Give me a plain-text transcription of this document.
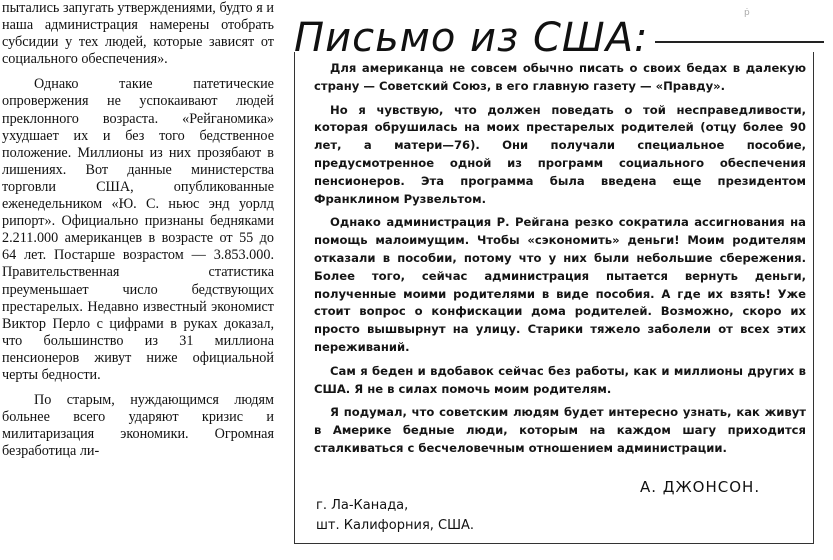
пытались запугать утверждениями, будто я и наша администрация намерены отобрать субсидии у тех людей, которые зависят от социального обеспечения».

Однако такие патетические опровержения не успокаивают людей преклонного возраста. «Рейганомика» ухудшает их и без того бедственное положение. Миллионы из них прозябают в лишениях. Вот данные министерства торговли США, опубликованные еженедельником «Ю. С. ньюс энд уорлд рипорт». Официально признаны бедняками 2.211.000 американцев в возрасте от 55 до 64 лет. Постарше возрастом — 3.853.000. Правительственная статистика преуменьшает число бедствующих престарелых. Недавно известный экономист Виктор Перло с цифрами в руках доказал, что большинство из 31 миллиона пенсионеров живут ниже официальной черты бедности.

По старым, нуждающимся людям больнее всего ударяют кризис и милитаризация экономики. Огромная безработица ли-

Письмо из США:
ṗ

Для американца не совсем обычно писать о своих бедах в далекую страну — Советский Союз, в его главную газету — «Правду».

Но я чувствую, что должен поведать о той несправедливости, которая обрушилась на моих престарелых родителей (отцу более 90 лет, а матери—76). Они получали специальное пособие, предусмотренное одной из программ социального обеспечения пенсионеров. Эта программа была введена еще президентом Франклином Рузвельтом.

Однако администрация Р. Рейгана резко сократила ассигнования на помощь малоимущим. Чтобы «сэкономить» деньги! Моим родителям отказали в пособии, потому что у них были небольшие сбережения. Более того, сейчас администрация пытается вернуть деньги, полученные моими родителями в виде пособия. А где их взять! Уже стоит вопрос о конфискации дома родителей. Возможно, скоро их просто вышвырнут на улицу. Старики тяжело заболели от всех этих переживаний.

Сам я беден и вдобавок сейчас без работы, как и миллионы других в США. Я не в силах помочь моим родителям.

Я подумал, что советским людям будет интересно узнать, как живут в Америке бедные люди, которым на каждом шагу приходится сталкиваться с бесчеловечным отношением администрации.

А. ДЖОНСОН.
г. Ла-Канада,
шт. Калифорния, США.
